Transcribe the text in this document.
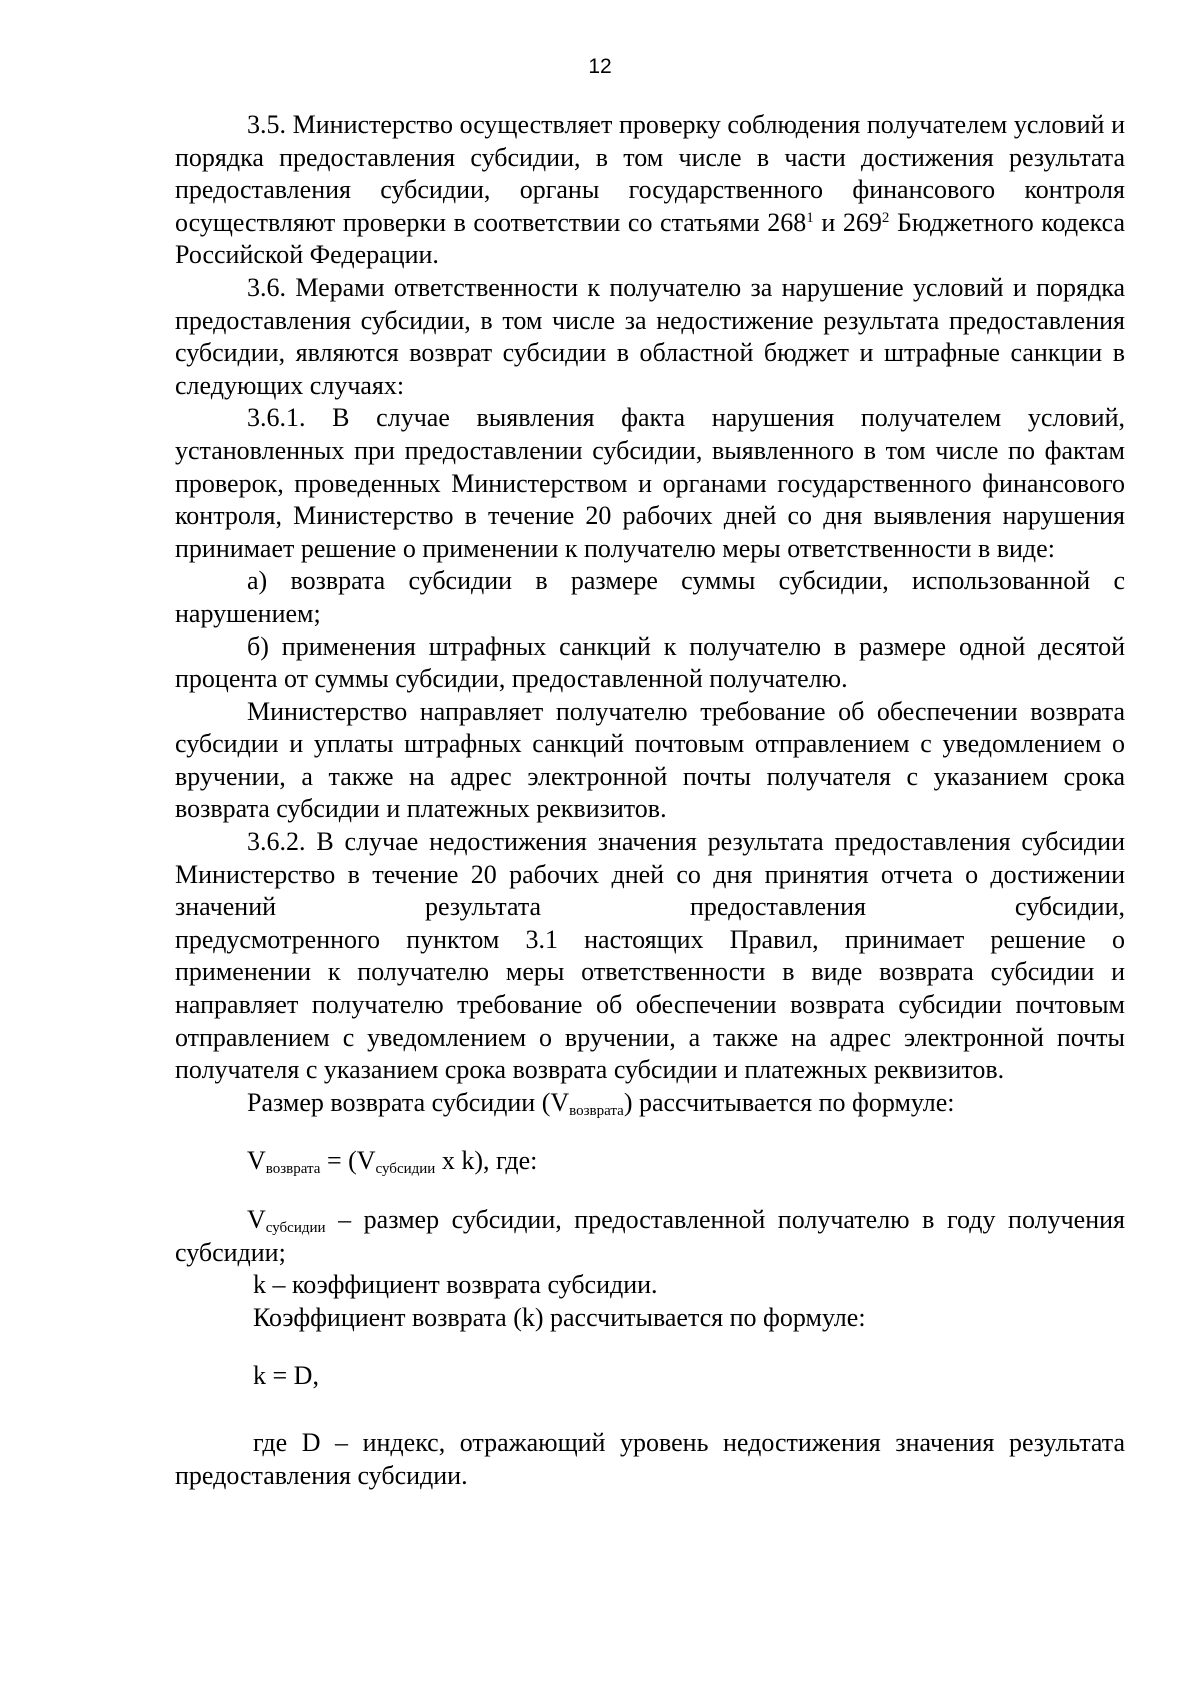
12

3.5. Министерство осуществляет проверку соблюдения получателем условий и порядка предоставления субсидии, в том числе в части достижения результата предоставления субсидии, органы государственного финансового контроля осуществляют проверки в соответствии со статьями $268^1$ и $269^2$ Бюджетного кодекса Российской Федерации.

3.6. Мерами ответственности к получателю за нарушение условий и порядка предоставления субсидии, в том числе за недостижение результата предоставления субсидии, являются возврат субсидии в областной бюджет и штрафные санкции в следующих случаях:

3.6.1. В случае выявления факта нарушения получателем условий, установленных при предоставлении субсидии, выявленного в том числе по фактам проверок, проведенных Министерством и органами государственного финансового контроля, Министерство в течение 20 рабочих дней со дня выявления нарушения принимает решение о применении к получателю меры ответственности в виде:

а) возврата субсидии в размере суммы субсидии, использованной с нарушением;

б) применения штрафных санкций к получателю в размере одной десятой процента от суммы субсидии, предоставленной получателю.

Министерство направляет получателю требование об обеспечении возврата субсидии и уплаты штрафных санкций почтовым отправлением с уведомлением о вручении, а также на адрес электронной почты получателя с указанием срока возврата субсидии и платежных реквизитов.

3.6.2. В случае недостижения значения результата предоставления субсидии Министерство в течение 20 рабочих дней со дня принятия отчета о достижении значений результата предоставления субсидии,

предусмотренного пунктом 3.1 настоящих Правил, принимает решение о применении к получателю меры ответственности в виде возврата субсидии и направляет получателю требование об обеспечении возврата субсидии почтовым отправлением с уведомлением о вручении, а также на адрес электронной почты получателя с указанием срока возврата субсидии и платежных реквизитов.

Размер возврата субсидии $(V_{возврата})$ рассчитывается по формуле:

$V_{возврата} = (V_{субсидии}$ x k), где:

$V_{субсидии}$ – размер субсидии, предоставленной получателю в году получения субсидии;

k – коэффициент возврата субсидии.

Коэффициент возврата (k) рассчитывается по формуле:

k = D,

где D – индекс, отражающий уровень недостижения значения результата предоставления субсидии.
